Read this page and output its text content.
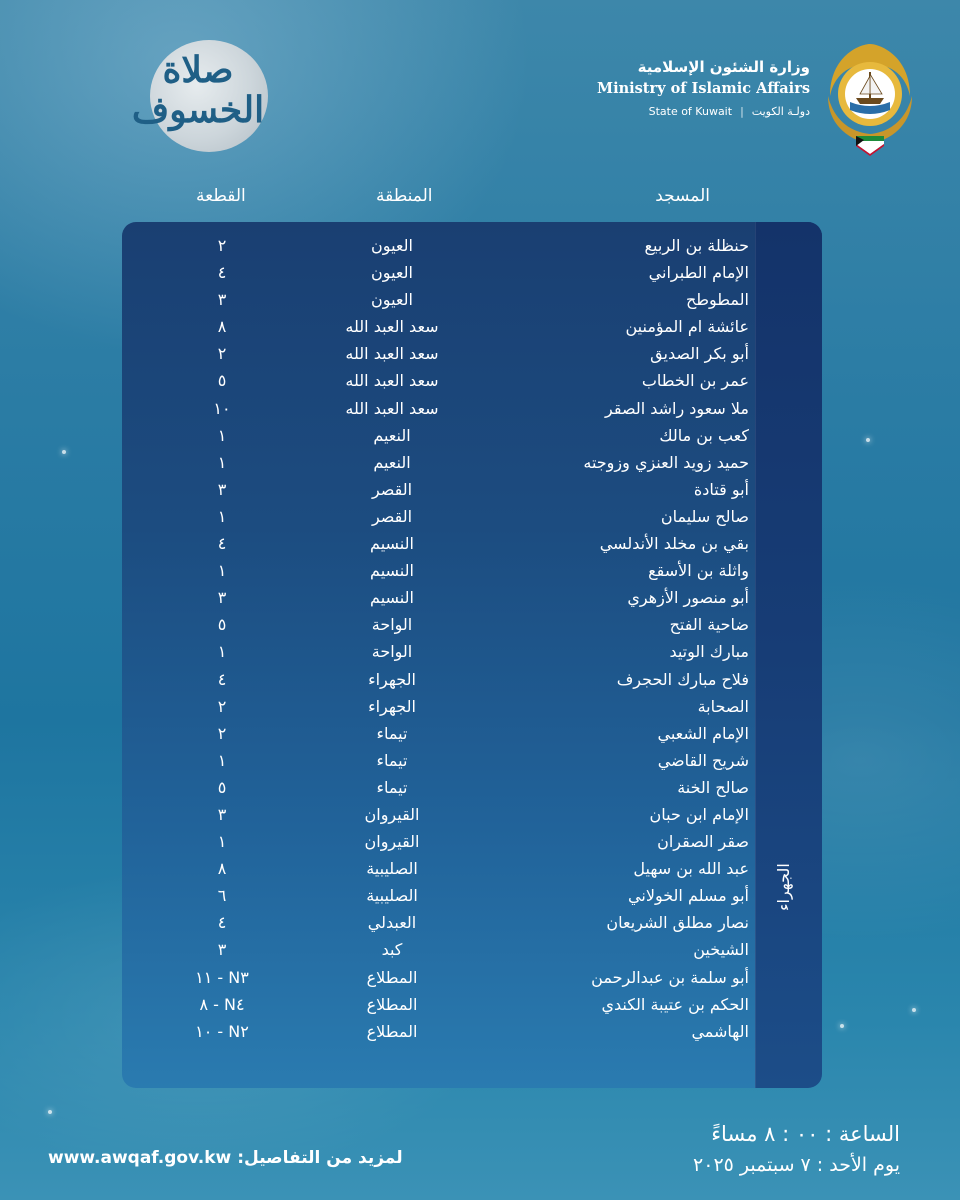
صلاة
الخسوف
وزارة الشئون الإسلامية
Ministry of Islamic Affairs
State of Kuwait | دولـة الكويت
المسجد
المنطقة
القطعة
الجهراء
حنظلة بن الربيع
العيون
٢
الإمام الطبراني
العيون
٤
المطوطح
العيون
٣
عائشة ام المؤمنين
سعد العبد الله
٨
أبو بكر الصديق
سعد العبد الله
٢
عمر بن الخطاب
سعد العبد الله
٥
ملا سعود راشد الصقر
سعد العبد الله
١٠
كعب بن مالك
النعيم
١
حميد زويد العنزي وزوجته
النعيم
١
أبو قتادة
القصر
٣
صالح سليمان
القصر
١
بقي بن مخلد الأندلسي
النسيم
٤
واثلة بن الأسقع
النسيم
١
أبو منصور الأزهري
النسيم
٣
ضاحية الفتح
الواحة
٥
مبارك الوتيد
الواحة
١
فلاح مبارك الحجرف
الجهراء
٤
الصحابة
الجهراء
٢
الإمام الشعبي
تيماء
٢
شريح القاضي
تيماء
١
صالح الخنة
تيماء
٥
الإمام ابن حبان
القيروان
٣
صقر الصقران
القيروان
١
عبد الله بن سهيل
الصليبية
٨
أبو مسلم الخولاني
الصليبية
٦
نصار مطلق الشريعان
العبدلي
٤
الشيخين
كبد
٣
أبو سلمة بن عبدالرحمن
المطلاع
N٣ - ١١
الحكم بن عتيبة الكندي
المطلاع
N٤ - ٨
الهاشمي
المطلاع
N٢ - ١٠
الساعة : ٠٠ : ٨ مساءً
يوم الأحد : ٧ سبتمبر ٢٠٢٥
www.awqaf.gov.kw لمزيد من التفاصيل:
